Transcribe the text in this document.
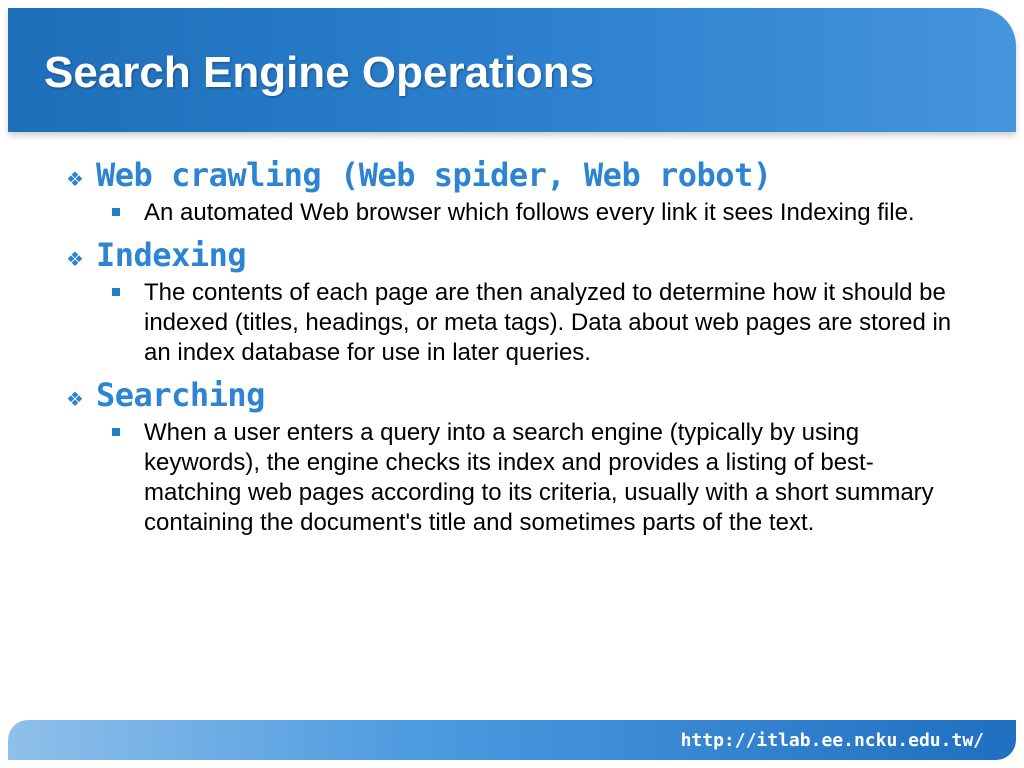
Search Engine Operations
❖ Web crawling (Web spider, Web robot)
An automated Web browser which follows every link it sees Indexing file.
❖ Indexing
The contents of each page are then analyzed to determine how it should be indexed (titles, headings, or meta tags). Data about web pages are stored in an index database for use in later queries.
❖ Searching
When a user enters a query into a search engine (typically by using keywords), the engine checks its index and provides a listing of best-matching web pages according to its criteria, usually with a short summary containing the document's title and sometimes parts of the text.
http://itlab.ee.ncku.edu.tw/
